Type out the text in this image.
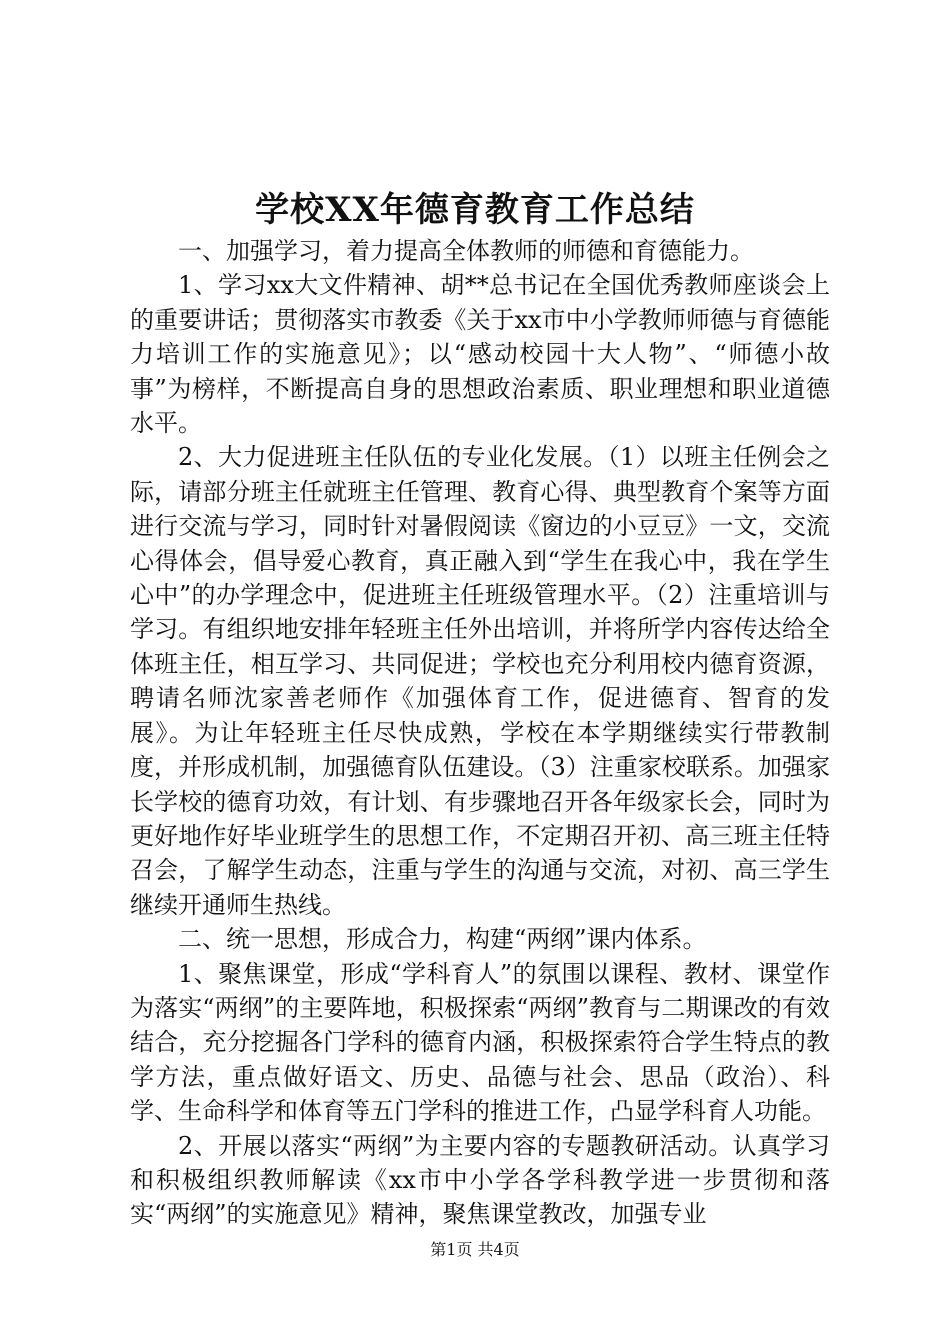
学校XX年德育教育工作总结

一、加强学习，着力提高全体教师的师德和育德能力。

1、学习xx大文件精神、胡**总书记在全国优秀教师座谈会上的重要讲话；贯彻落实市教委《关于xx市中小学教师师德与育德能力培训工作的实施意见》；以“感动校园十大人物”、“师德小故事”为榜样，不断提高自身的思想政治素质、职业理想和职业道德水平。

2、大力促进班主任队伍的专业化发展。（1）以班主任例会之际，请部分班主任就班主任管理、教育心得、典型教育个案等方面进行交流与学习，同时针对暑假阅读《窗边的小豆豆》一文，交流心得体会，倡导爱心教育，真正融入到“学生在我心中，我在学生心中”的办学理念中，促进班主任班级管理水平。（2）注重培训与学习。有组织地安排年轻班主任外出培训，并将所学内容传达给全体班主任，相互学习、共同促进；学校也充分利用校内德育资源，聘请名师沈家善老师作《加强体育工作，促进德育、智育的发展》。为让年轻班主任尽快成熟，学校在本学期继续实行带教制度，并形成机制，加强德育队伍建设。（3）注重家校联系。加强家长学校的德育功效，有计划、有步骤地召开各年级家长会，同时为更好地作好毕业班学生的思想工作，不定期召开初、高三班主任特召会，了解学生动态，注重与学生的沟通与交流，对初、高三学生继续开通师生热线。

二、统一思想，形成合力，构建“两纲”课内体系。

1、聚焦课堂，形成“学科育人”的氛围以课程、教材、课堂作为落实“两纲”的主要阵地，积极探索“两纲”教育与二期课改的有效结合，充分挖掘各门学科的德育内涵，积极探索符合学生特点的教学方法，重点做好语文、历史、品德与社会、思品（政治）、科学、生命科学和体育等五门学科的推进工作，凸显学科育人功能。

2、开展以落实“两纲”为主要内容的专题教研活动。认真学习和积极组织教师解读《xx市中小学各学科教学进一步贯彻和落实“两纲”的实施意见》精神，聚焦课堂教改，加强专业

第1页 共4页
